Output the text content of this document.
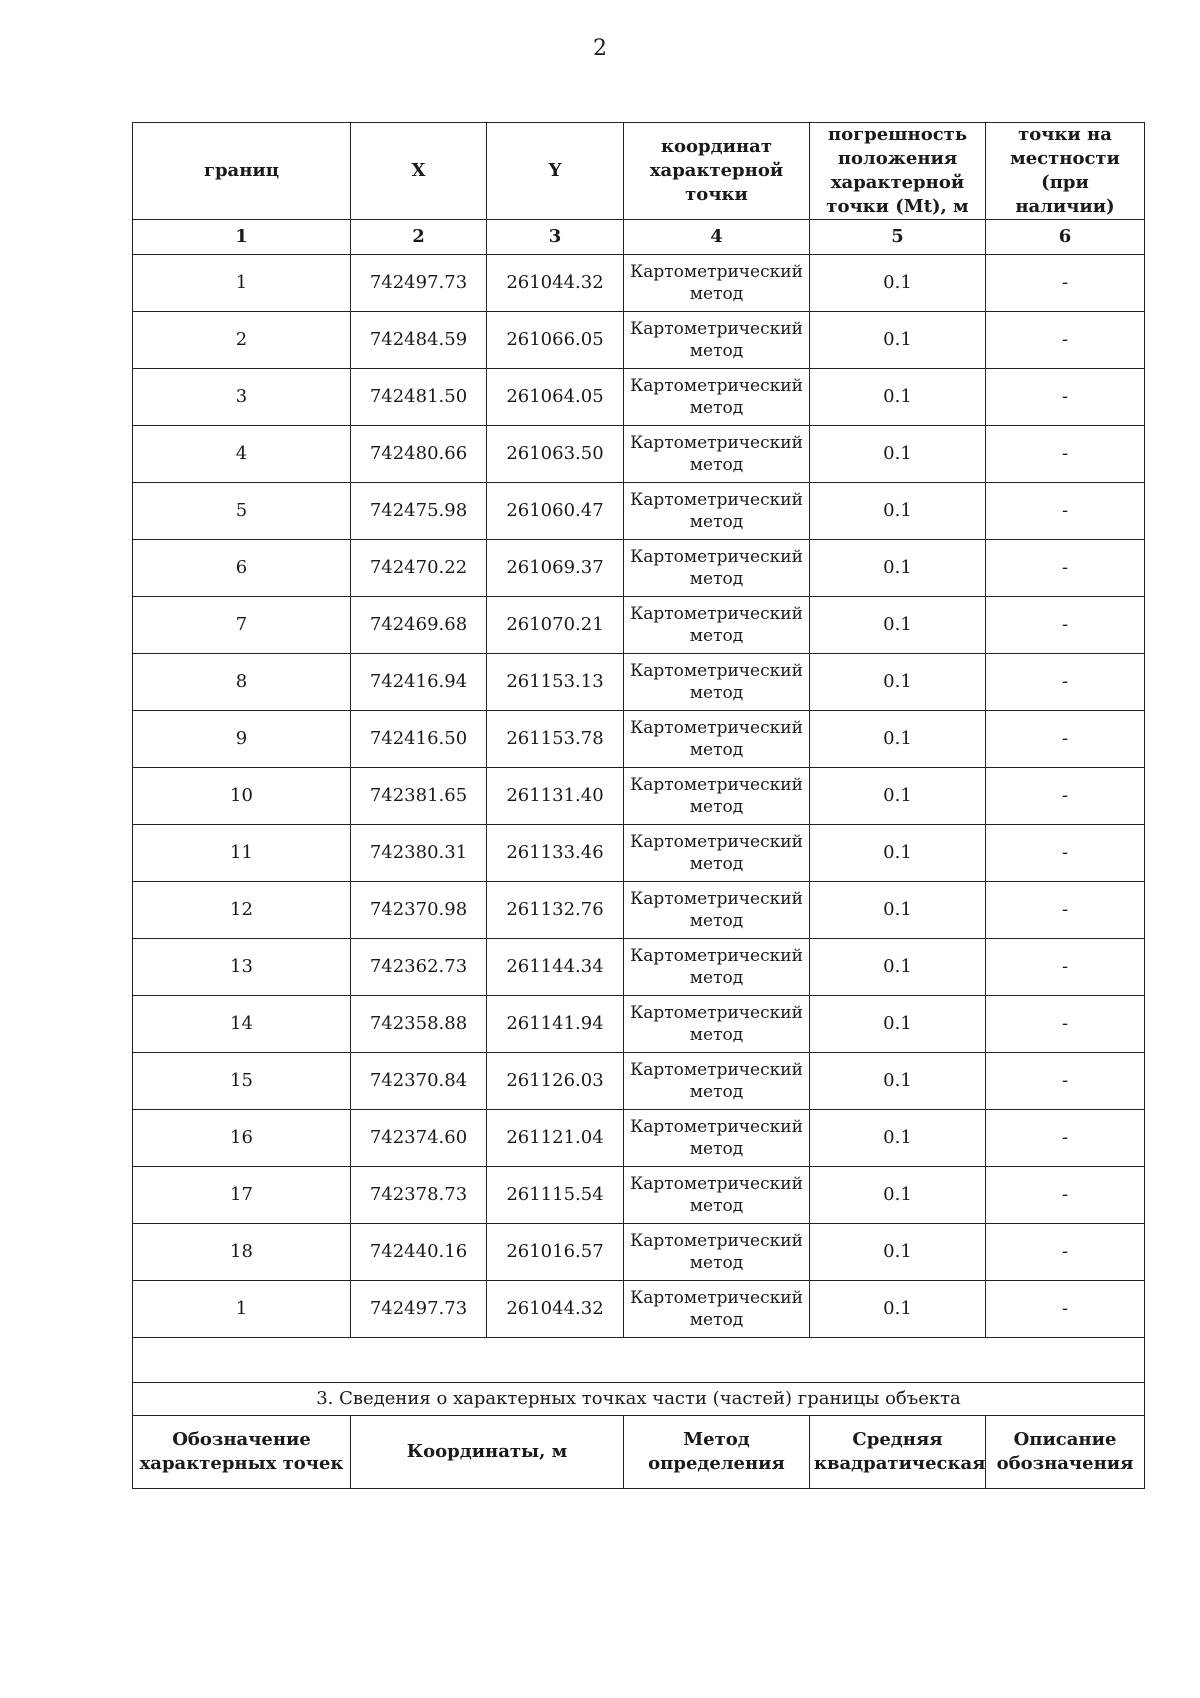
2
границ	X	Y	координат характерной точки	погрешность положения характерной точки (Mt), м	точки на местности (при наличии)
1	2	3	4	5	6
1	742497.73	261044.32	Картометрический метод	0.1	-
2	742484.59	261066.05	Картометрический метод	0.1	-
3	742481.50	261064.05	Картометрический метод	0.1	-
4	742480.66	261063.50	Картометрический метод	0.1	-
5	742475.98	261060.47	Картометрический метод	0.1	-
6	742470.22	261069.37	Картометрический метод	0.1	-
7	742469.68	261070.21	Картометрический метод	0.1	-
8	742416.94	261153.13	Картометрический метод	0.1	-
9	742416.50	261153.78	Картометрический метод	0.1	-
10	742381.65	261131.40	Картометрический метод	0.1	-
11	742380.31	261133.46	Картометрический метод	0.1	-
12	742370.98	261132.76	Картометрический метод	0.1	-
13	742362.73	261144.34	Картометрический метод	0.1	-
14	742358.88	261141.94	Картометрический метод	0.1	-
15	742370.84	261126.03	Картометрический метод	0.1	-
16	742374.60	261121.04	Картометрический метод	0.1	-
17	742378.73	261115.54	Картометрический метод	0.1	-
18	742440.16	261016.57	Картометрический метод	0.1	-
1	742497.73	261044.32	Картометрический метод	0.1	-

3. Сведения о характерных точках части (частей) границы объекта					
Обозначение характерных точек	Координаты, м		Метод определения	Средняя квадратическая	Описание обозначения
